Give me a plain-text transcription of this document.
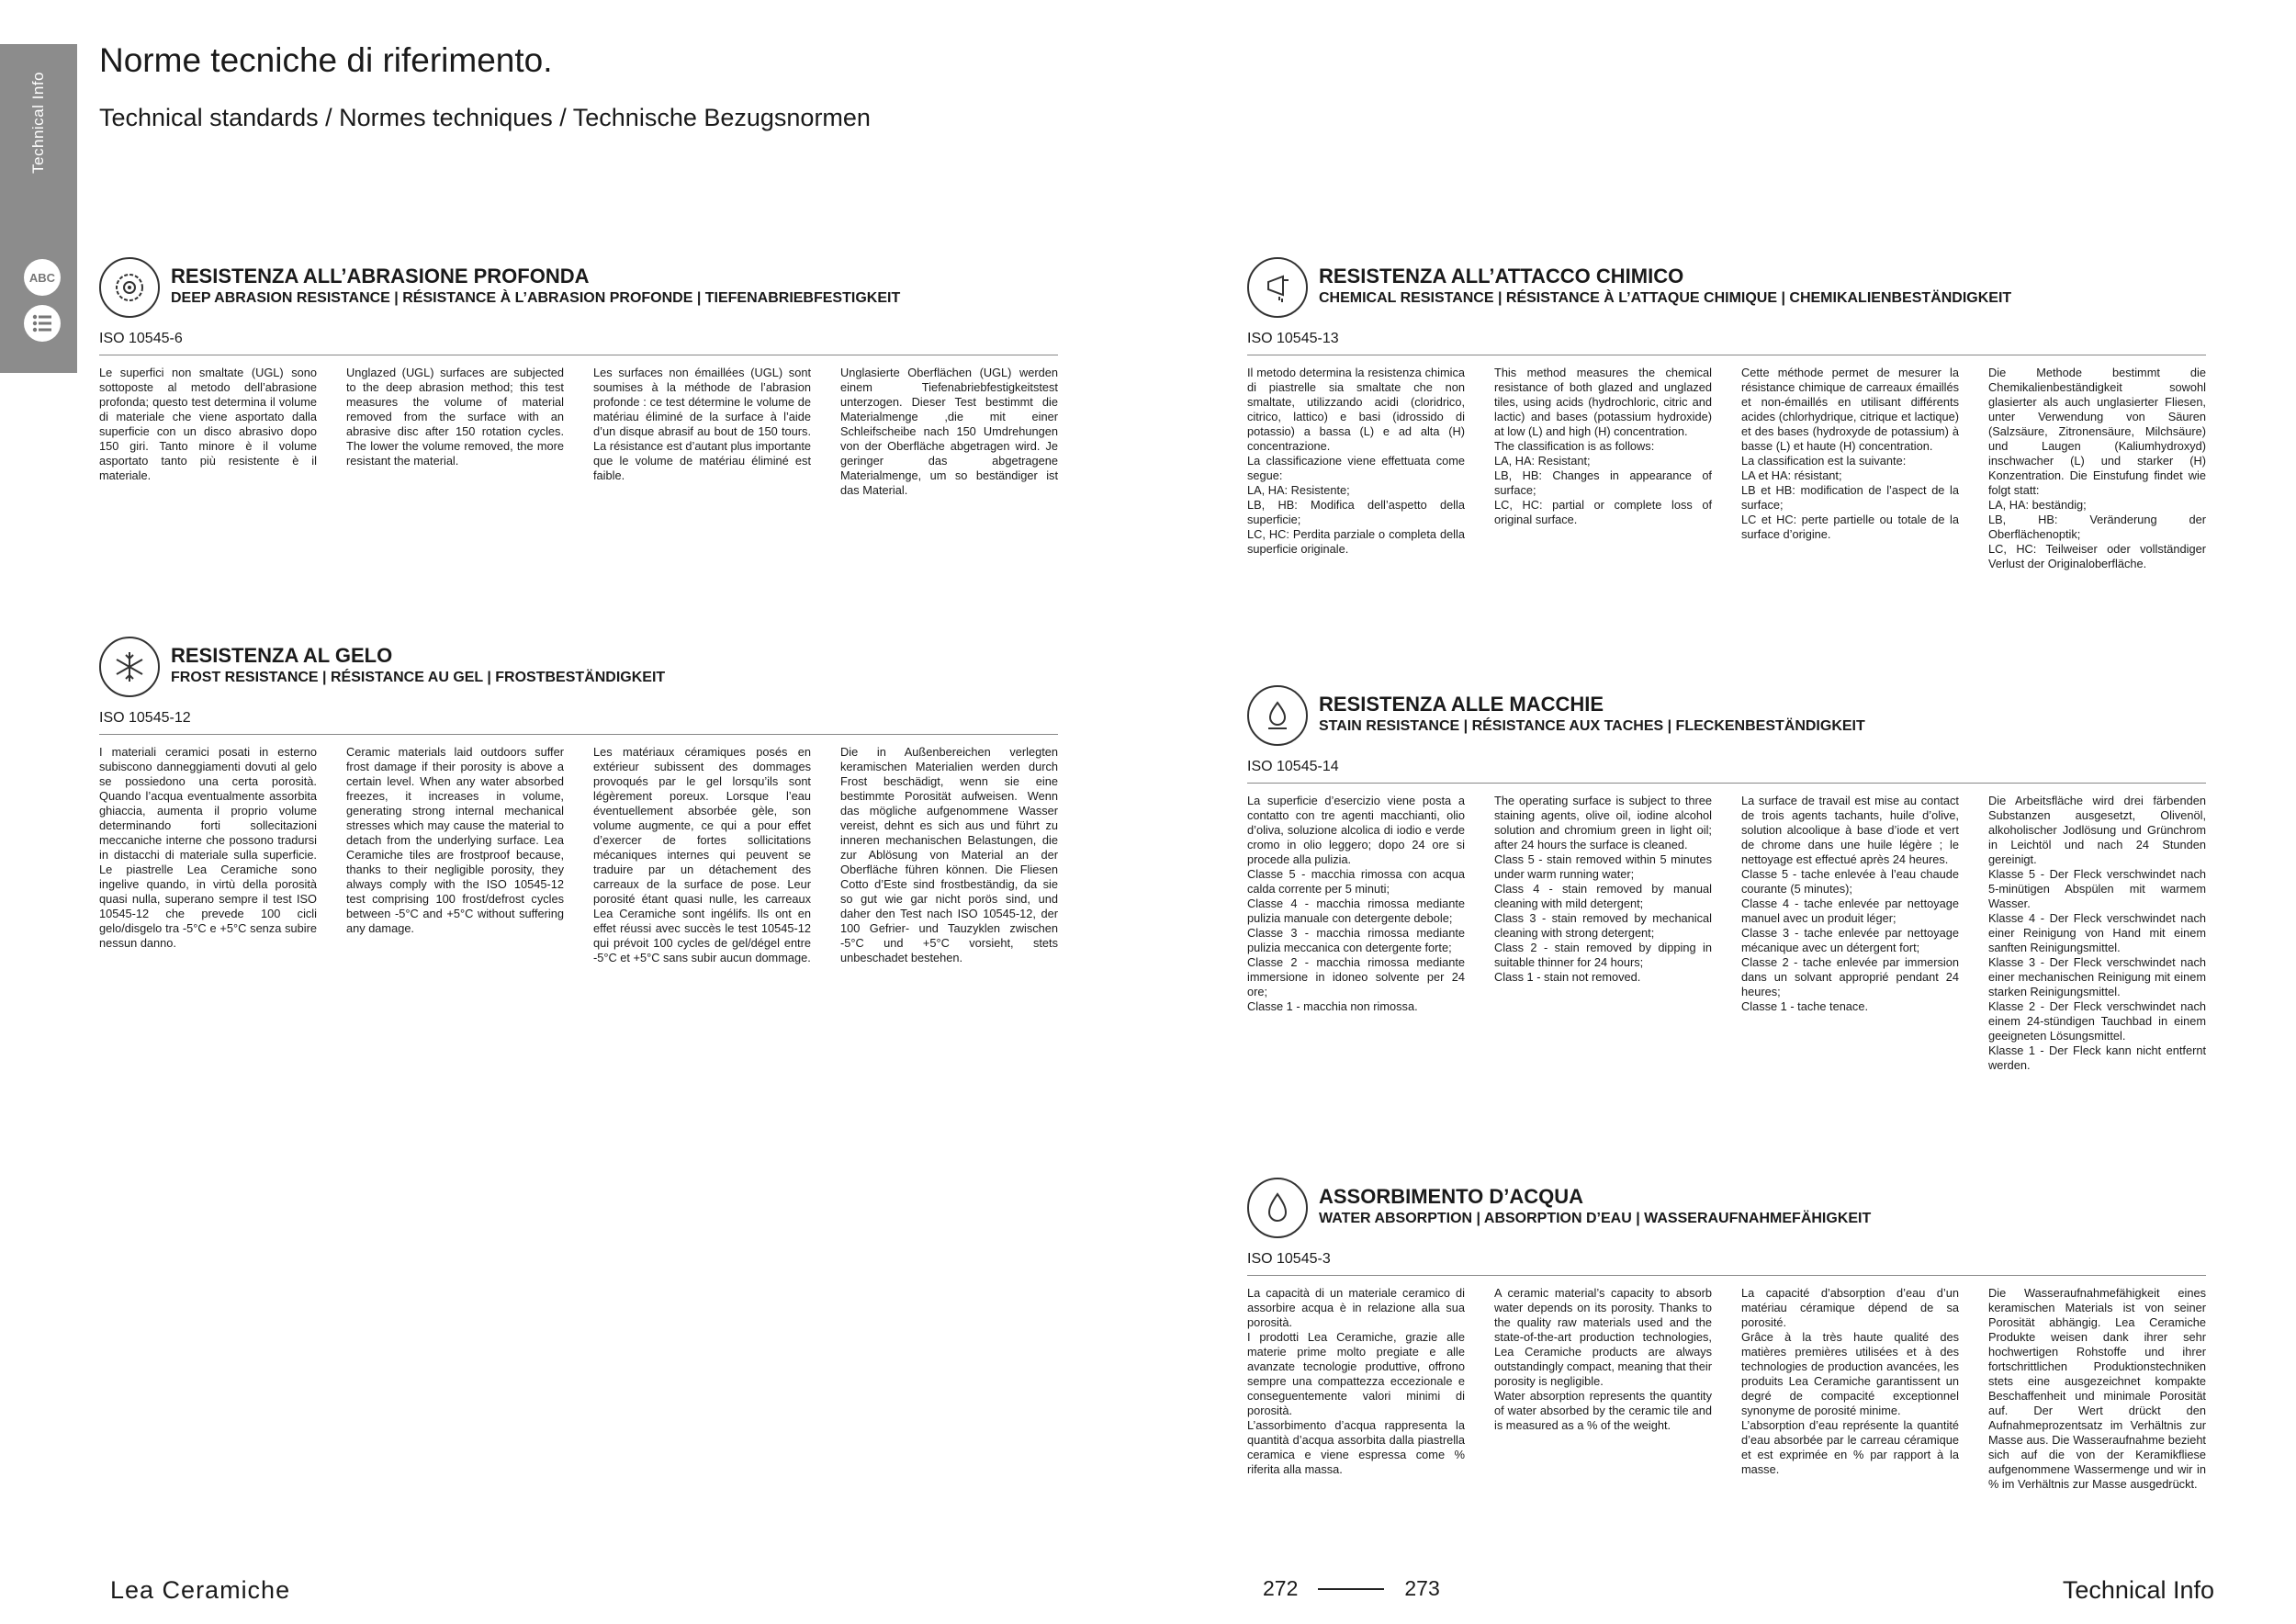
Technical Info
ABC
Norme tecniche di riferimento.
Technical standards / Normes techniques / Technische Bezugsnormen
RESISTENZA ALL’ABRASIONE PROFONDA
DEEP ABRASION RESISTANCE | RÉSISTANCE À L’ABRASION PROFONDE | TIEFENABRIEBFESTIGKEIT
ISO 10545-6
Le superfici non smaltate (UGL) sono sottoposte al metodo dell’abrasione profonda; questo test determina il volume di materiale che viene asportato dalla superficie con un disco abrasivo dopo 150 giri. Tanto minore è il volume asportato tanto più resistente è il materiale.
Unglazed (UGL) surfaces are subjected to the deep abrasion method; this test measures the volume of material removed from the surface with an abrasive disc after 150 rotation cycles. The lower the volume removed, the more resistant the material.
Les surfaces non émaillées (UGL) sont soumises à la méthode de l’abrasion profonde : ce test détermine le volume de matériau éliminé de la surface à l’aide d’un disque abrasif au bout de 150 tours. La résistance est d’autant plus importante que le volume de matériau éliminé est faible.
Unglasierte Oberflächen (UGL) werden einem Tiefenabriebfestigkeitstest unterzogen. Dieser Test bestimmt die Materialmenge ,die mit einer Schleifscheibe nach 150 Umdrehungen von der Oberfläche abgetragen wird. Je geringer das abgetragene Materialmenge, um so beständiger ist das Material.
RESISTENZA AL GELO
FROST RESISTANCE | RÉSISTANCE AU GEL | FROSTBESTÄNDIGKEIT
ISO 10545-12
I materiali ceramici posati in esterno subiscono danneggiamenti dovuti al gelo se possiedono una certa porosità. Quando l’acqua eventualmente assorbita ghiaccia, aumenta il proprio volume determinando forti sollecitazioni meccaniche interne che possono tradursi in distacchi di materiale sulla superficie. Le piastrelle Lea Ceramiche sono ingelive quando, in virtù della porosità quasi nulla, superano sempre il test ISO 10545-12 che prevede 100 cicli gelo/disgelo tra -5°C e +5°C senza subire nessun danno.
Ceramic materials laid outdoors suffer frost damage if their porosity is above a certain level. When any water absorbed freezes, it increases in volume, generating strong internal mechanical stresses which may cause the material to detach from the underlying surface. Lea Ceramiche tiles are frostproof because, thanks to their negligible porosity, they always comply with the ISO 10545-12 test comprising 100 frost/defrost cycles between -5°C and +5°C without suffering any damage.
Les matériaux céramiques posés en extérieur subissent des dommages provoqués par le gel lorsqu’ils sont légèrement poreux. Lorsque l’eau éventuellement absorbée gèle, son volume augmente, ce qui a pour effet d’exercer de fortes sollicitations mécaniques internes qui peuvent se traduire par un détachement des carreaux de la surface de pose. Leur porosité étant quasi nulle, les carreaux Lea Ceramiche sont ingélifs. Ils ont en effet réussi avec succès le test 10545-12 qui prévoit 100 cycles de gel/dégel entre -5°C et +5°C sans subir aucun dommage.
Die in Außenbereichen verlegten keramischen Materialien werden durch Frost beschädigt, wenn sie eine bestimmte Porosität aufweisen. Wenn das mögliche aufgenommene Wasser vereist, dehnt es sich aus und führt zu inneren mechanischen Belastungen, die zur Ablösung von Material an der Oberfläche führen können. Die Fliesen Cotto d’Este sind frostbeständig, da sie so gut wie gar nicht porös sind, und daher den Test nach ISO 10545-12, der 100 Gefrier- und Tauzyklen zwischen -5°C und +5°C vorsieht, stets unbeschadet bestehen.
RESISTENZA ALL’ATTACCO CHIMICO
CHEMICAL RESISTANCE | RÉSISTANCE À L’ATTAQUE CHIMIQUE | CHEMIKALIENBESTÄNDIGKEIT
ISO 10545-13
Il metodo determina la resistenza chimica di piastrelle sia smaltate che non smaltate, utilizzando acidi (cloridrico, citrico, lattico) e basi (idrossido di potassio) a bassa (L) e ad alta (H) concentrazione.
La classificazione viene effettuata come segue:
LA, HA: Resistente;
LB, HB: Modifica dell’aspetto della superficie;
LC, HC: Perdita parziale o completa della superficie originale.
This method measures the chemical resistance of both glazed and unglazed tiles, using acids (hydrochloric, citric and lactic) and bases (potassium hydroxide) at low (L) and high (H) concentration.
The classification is as follows:
LA, HA: Resistant;
LB, HB: Changes in appearance of surface;
LC, HC: partial or complete loss of original surface.
Cette méthode permet de mesurer la résistance chimique de carreaux émaillés et non-émaillés en utilisant différents acides (chlorhydrique, citrique et lactique) et des bases (hydroxyde de potassium) à basse (L) et haute (H) concentration.
La classification est la suivante:
LA et HA: résistant;
LB et HB: modification de l’aspect de la surface;
LC et HC: perte partielle ou totale de la surface d’origine.
Die Methode bestimmt die Chemikalienbeständigkeit sowohl glasierter als auch unglasierter Fliesen, unter Verwendung von Säuren (Salzsäure, Zitronensäure, Milchsäure) und Laugen (Kaliumhydroxyd) inschwacher (L) und starker (H) Konzentration. Die Einstufung findet wie folgt statt:
LA, HA: beständig;
LB, HB: Veränderung der Oberflächenoptik;
LC, HC: Teilweiser oder vollständiger Verlust der Originaloberfläche.
RESISTENZA ALLE MACCHIE
STAIN RESISTANCE | RÉSISTANCE AUX TACHES | FLECKENBESTÄNDIGKEIT
ISO 10545-14
La superficie d’esercizio viene posta a contatto con tre agenti macchianti, olio d’oliva, soluzione alcolica di iodio e verde cromo in olio leggero; dopo 24 ore si procede alla pulizia.
Classe 5 - macchia rimossa con acqua calda corrente per 5 minuti;
Classe 4 - macchia rimossa mediante pulizia manuale con detergente debole;
Classe 3 - macchia rimossa mediante pulizia meccanica con detergente forte;
Classe 2 - macchia rimossa mediante immersione in idoneo solvente per 24 ore;
Classe 1 - macchia non rimossa.
The operating surface is subject to three staining agents, olive oil, iodine alcohol solution and chromium green in light oil; after 24 hours the surface is cleaned.
Class 5 - stain removed within 5 minutes under warm running water;
Class 4 - stain removed by manual cleaning with mild detergent;
Class 3 - stain removed by mechanical cleaning with strong detergent;
Class 2 - stain removed by dipping in suitable thinner for 24 hours;
Class 1 - stain not removed.
La surface de travail est mise au contact de trois agents tachants, huile d’olive, solution alcoolique à base d’iode et vert de chrome dans une huile légère ; le nettoyage est effectué après 24 heures.
Classe 5 - tache enlevée à l’eau chaude courante (5 minutes);
Classe 4 - tache enlevée par nettoyage manuel avec un produit léger;
Classe 3 - tache enlevée par nettoyage mécanique avec un détergent fort;
Classe 2 - tache enlevée par immersion dans un solvant approprié pendant 24 heures;
Classe 1 - tache tenace.
Die Arbeitsfläche wird drei färbenden Substanzen ausgesetzt, Olivenöl, alkoholischer Jodlösung und Grünchrom in Leichtöl und nach 24 Stunden gereinigt.
Klasse 5 - Der Fleck verschwindet nach 5-minütigen Abspülen mit warmem Wasser.
Klasse 4 - Der Fleck verschwindet nach einer Reinigung von Hand mit einem sanften Reinigungsmittel.
Klasse 3 - Der Fleck verschwindet nach einer mechanischen Reinigung mit einem starken Reinigungsmittel.
Klasse 2 - Der Fleck verschwindet nach einem 24-stündigen Tauchbad in einem geeigneten Lösungsmittel.
Klasse 1 - Der Fleck kann nicht entfernt werden.
ASSORBIMENTO D’ACQUA
WATER ABSORPTION | ABSORPTION D’EAU | WASSERAUFNAHMEFÄHIGKEIT
ISO 10545-3
La capacità di un materiale ceramico di assorbire acqua è in relazione alla sua porosità.
I prodotti Lea Ceramiche, grazie alle materie prime molto pregiate e alle avanzate tecnologie produttive, offrono sempre una compattezza eccezionale e conseguentemente valori minimi di porosità.
L’assorbimento d’acqua rappresenta la quantità d’acqua assorbita dalla piastrella ceramica e viene espressa come % riferita alla massa.
A ceramic material’s capacity to absorb water depends on its porosity. Thanks to the quality raw materials used and the state-of-the-art production technologies, Lea Ceramiche products are always outstandingly compact, meaning that their porosity is negligible.
Water absorption represents the quantity of water absorbed by the ceramic tile and is measured as a % of the weight.
La capacité d’absorption d’eau d’un matériau céramique dépend de sa porosité.
Grâce à la très haute qualité des matières premières utilisées et à des technologies de production avancées, les produits Lea Ceramiche garantissent un degré de compacité exceptionnel synonyme de porosité minime.
L’absorption d’eau représente la quantité d’eau absorbée par le carreau céramique et est exprimée en % par rapport à la masse.
Die Wasseraufnahmefähigkeit eines keramischen Materials ist von seiner Porosität abhängig. Lea Ceramiche Produkte weisen dank ihrer sehr hochwertigen Rohstoffe und ihrer fortschrittlichen Produktionstechniken stets eine ausgezeichnet kompakte Beschaffenheit und minimale Porosität auf. Der Wert drückt den Aufnahmeprozentsatz im Verhältnis zur Masse aus. Die Wasseraufnahme bezieht sich auf die von der Keramikfliese aufgenommene Wassermenge und wir in % im Verhältnis zur Masse ausgedrückt.
Lea Ceramiche	272	273	Technical Info
